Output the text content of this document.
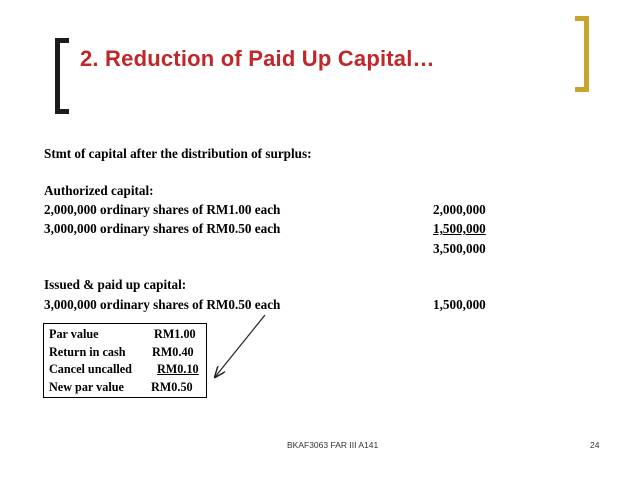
2. Reduction of Paid Up Capital…
Stmt of capital after the distribution of surplus:
Authorized capital:
2,000,000 ordinary shares of RM1.00 each	2,000,000
3,000,000 ordinary shares of RM0.50 each	1,500,000
3,500,000
Issued & paid up capital:
3,000,000 ordinary shares of RM0.50 each	1,500,000
Par value	RM1.00
Return in cash RM0.40
Cancel uncalled RM0.10
New par value RM0.50
BKAF3063 FAR III A141	24
